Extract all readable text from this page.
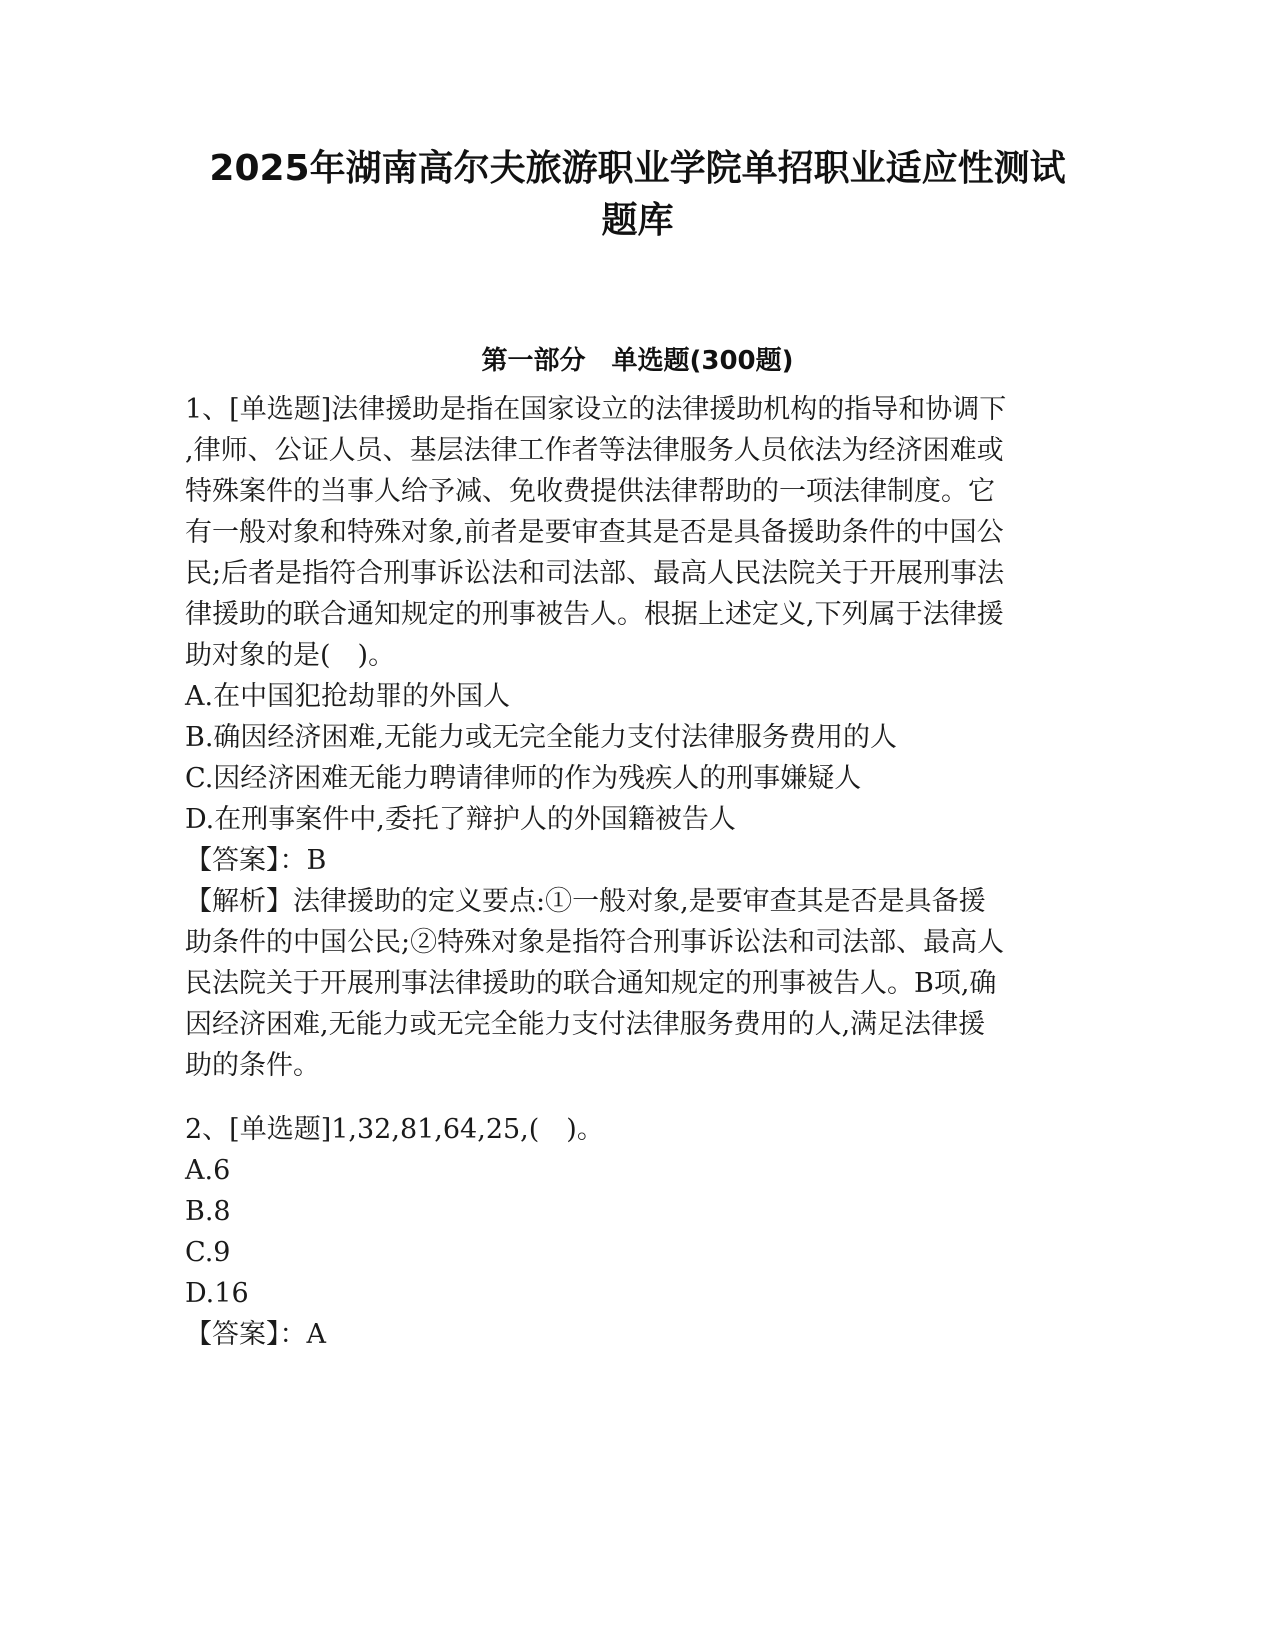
2025年湖南高尔夫旅游职业学院单招职业适应性测试
题库
第一部分　单选题(300题)
1、[单选题]法律援助是指在国家设立的法律援助机构的指导和协调下
,律师、公证人员、基层法律工作者等法律服务人员依法为经济困难或
特殊案件的当事人给予减、免收费提供法律帮助的一项法律制度。它
有一般对象和特殊对象,前者是要审查其是否是具备援助条件的中国公
民;后者是指符合刑事诉讼法和司法部、最高人民法院关于开展刑事法
律援助的联合通知规定的刑事被告人。根据上述定义,下列属于法律援
助对象的是(　)。
A.在中国犯抢劫罪的外国人
B.确因经济困难,无能力或无完全能力支付法律服务费用的人
C.因经济困难无能力聘请律师的作为残疾人的刑事嫌疑人
D.在刑事案件中,委托了辩护人的外国籍被告人
【答案】：B
【解析】法律援助的定义要点:①一般对象,是要审查其是否是具备援
助条件的中国公民;②特殊对象是指符合刑事诉讼法和司法部、最高人
民法院关于开展刑事法律援助的联合通知规定的刑事被告人。B项,确
因经济困难,无能力或无完全能力支付法律服务费用的人,满足法律援
助的条件。
2、[单选题]1,32,81,64,25,(　)。
A.6
B.8
C.9
D.16
【答案】：A
